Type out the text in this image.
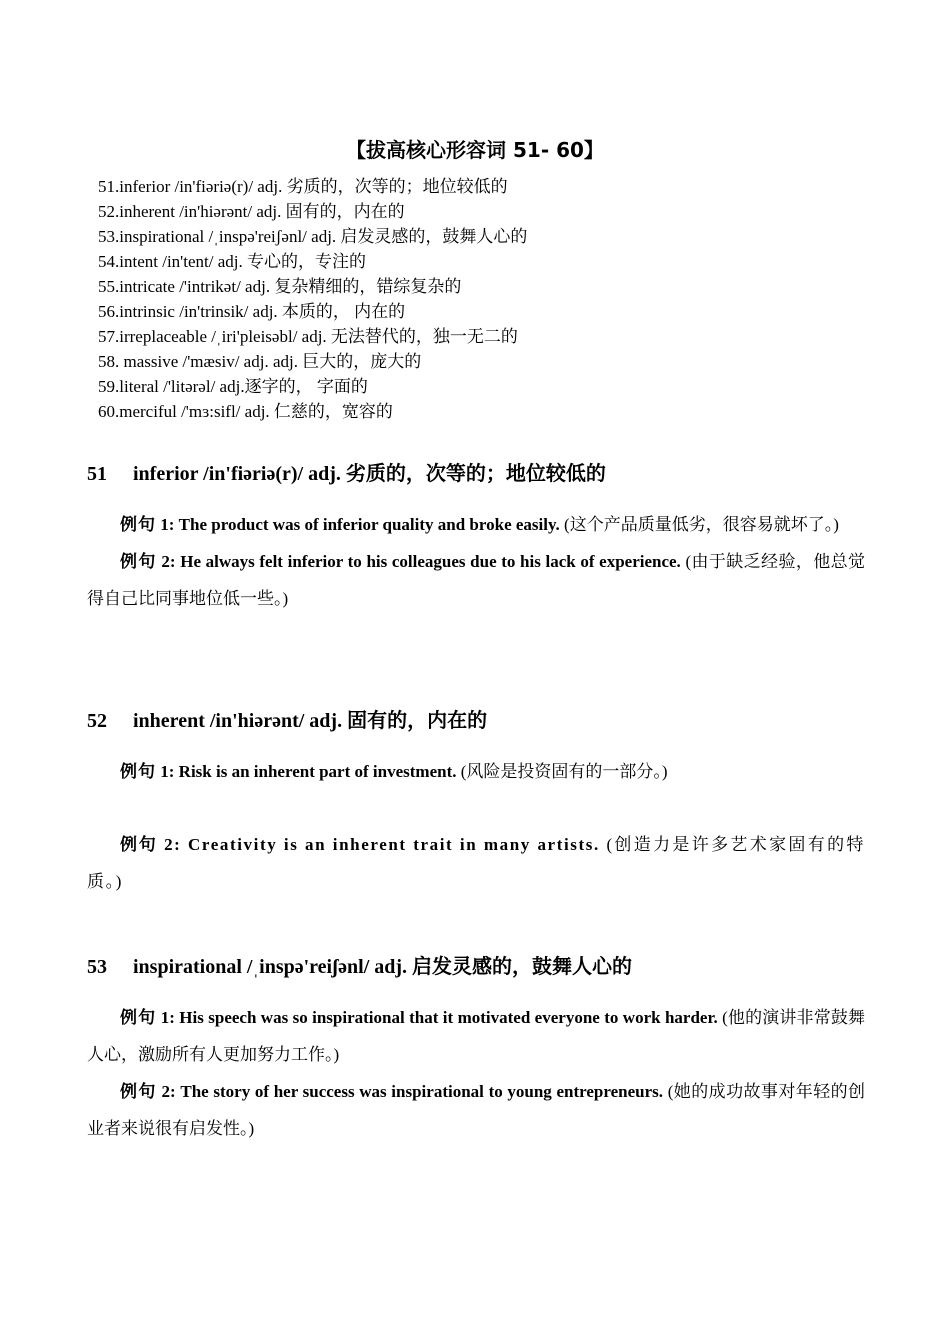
【拔高核心形容词 51- 60】
51.inferior /in'fiəriə(r)/ adj. 劣质的，次等的；地位较低的
52.inherent /in'hiərənt/ adj. 固有的，内在的
53.inspirational /ˌinspə'reiʃənl/ adj. 启发灵感的，鼓舞人心的
54.intent /in'tent/ adj. 专心的，专注的
55.intricate /'intrikət/ adj. 复杂精细的，错综复杂的
56.intrinsic /in'trinsik/ adj. 本质的， 内在的
57.irreplaceable /ˌiri'pleisəbl/ adj. 无法替代的，独一无二的
58. massive /'mæsiv/ adj. adj. 巨大的，庞大的
59.literal /'litərəl/ adj.逐字的， 字面的
60.merciful /'mɜ:sifl/ adj. 仁慈的，宽容的
51 inferior /in'fiəriə(r)/ adj. 劣质的，次等的；地位较低的
例句 1: The product was of inferior quality and broke easily. (这个产品质量低劣，很容易就坏了。)
例句 2: He always felt inferior to his colleagues due to his lack of experience. (由于缺乏经验，他总觉得自己比同事地位低一些。)
52 inherent /in'hiərənt/ adj. 固有的，内在的
例句 1: Risk is an inherent part of investment. (风险是投资固有的一部分。)
例句 2: Creativity is an inherent trait in many artists. (创造力是许多艺术家固有的特质。)
53 inspirational /ˌinspə'reiʃənl/ adj. 启发灵感的，鼓舞人心的
例句 1: His speech was so inspirational that it motivated everyone to work harder. (他的演讲非常鼓舞人心，激励所有人更加努力工作。)
例句 2: The story of her success was inspirational to young entrepreneurs. (她的成功故事对年轻的创业者来说很有启发性。)
